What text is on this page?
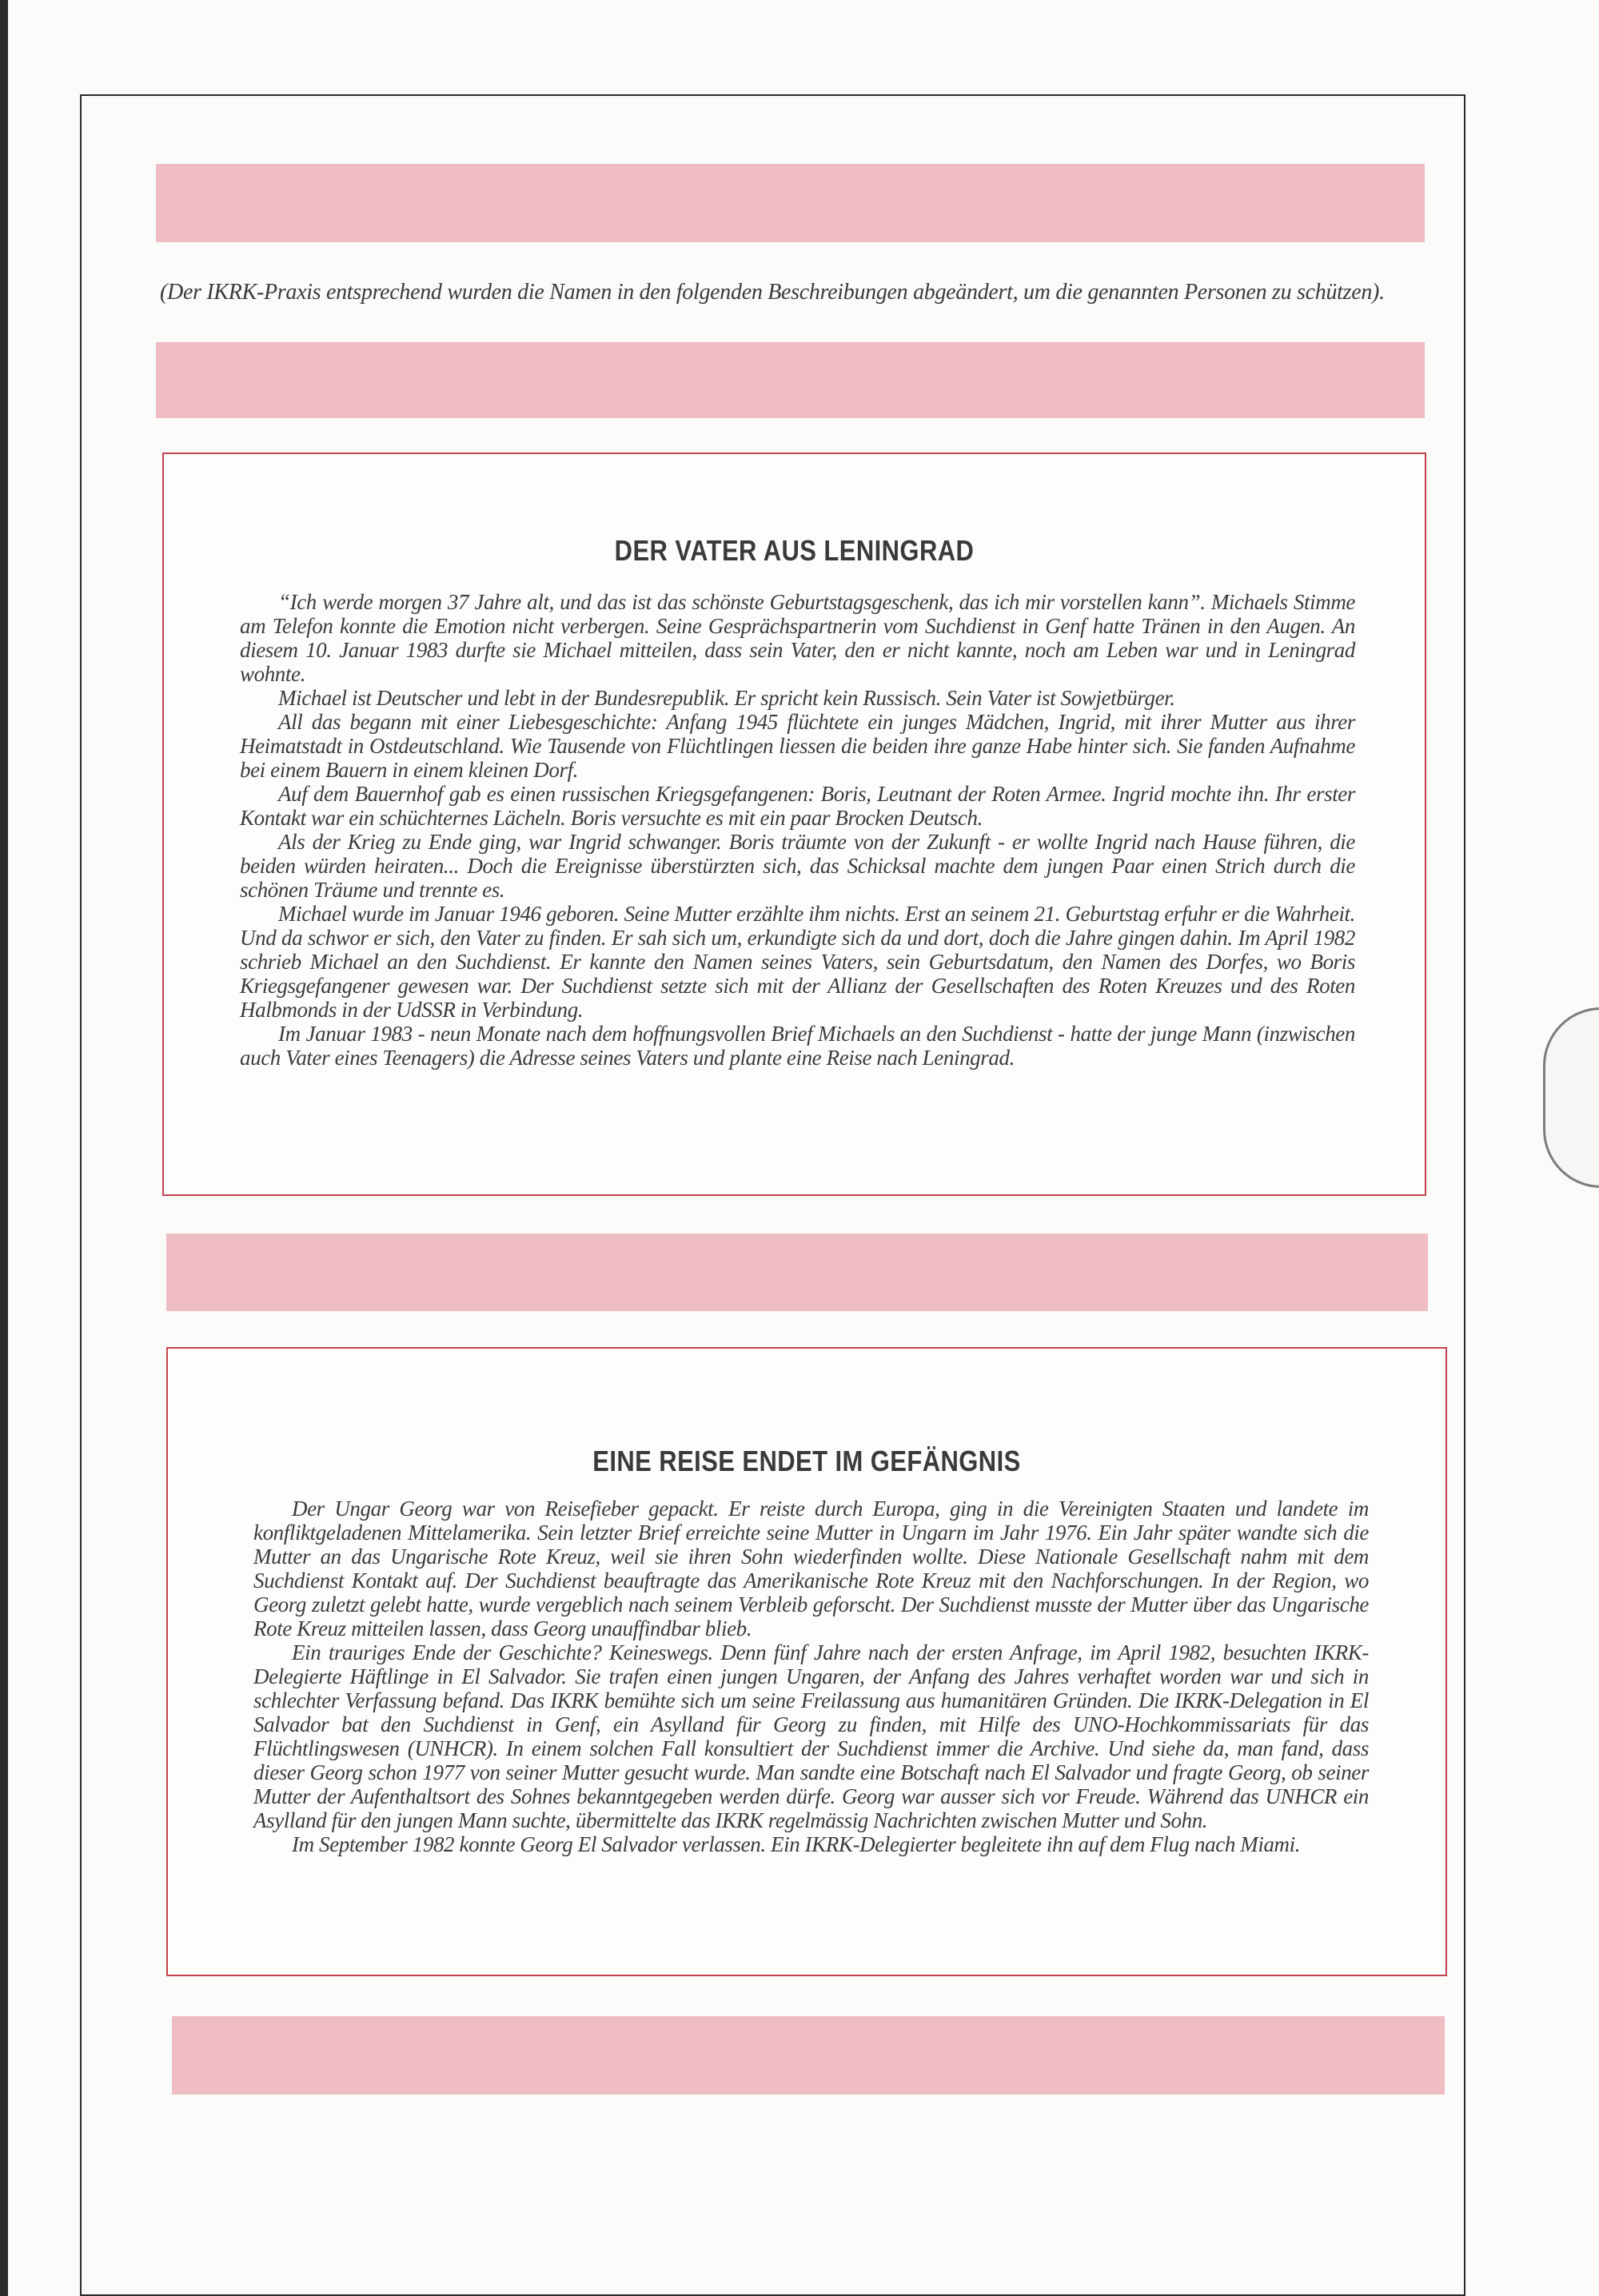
(Der IKRK-Praxis entsprechend wurden die Namen in den folgenden Beschreibungen abgeändert, um die genannten Personen zu schützen).
DER VATER AUS LENINGRAD

“Ich werde morgen 37 Jahre alt, und das ist das schönste Geburtstagsgeschenk, das ich mir vorstellen kann”. Michaels Stimme am Telefon konnte die Emotion nicht verbergen. Seine Gesprächspartnerin vom Suchdienst in Genf hatte Tränen in den Augen. An diesem 10. Januar 1983 durfte sie Michael mitteilen, dass sein Vater, den er nicht kannte, noch am Leben war und in Leningrad wohnte.

Michael ist Deutscher und lebt in der Bundesrepublik. Er spricht kein Russisch. Sein Vater ist Sowjetbürger.

All das begann mit einer Liebesgeschichte: Anfang 1945 flüchtete ein junges Mädchen, Ingrid, mit ihrer Mutter aus ihrer Heimatstadt in Ostdeutschland. Wie Tausende von Flüchtlingen liessen die beiden ihre ganze Habe hinter sich. Sie fanden Aufnahme bei einem Bauern in einem kleinen Dorf.

Auf dem Bauernhof gab es einen russischen Kriegsgefangenen: Boris, Leutnant der Roten Armee. Ingrid mochte ihn. Ihr erster Kontakt war ein schüchternes Lächeln. Boris versuchte es mit ein paar Brocken Deutsch.

Als der Krieg zu Ende ging, war Ingrid schwanger. Boris träumte von der Zukunft - er wollte Ingrid nach Hause führen, die beiden würden heiraten... Doch die Ereignisse überstürzten sich, das Schicksal machte dem jungen Paar einen Strich durch die schönen Träume und trennte es.

Michael wurde im Januar 1946 geboren. Seine Mutter erzählte ihm nichts. Erst an seinem 21. Geburtstag erfuhr er die Wahrheit. Und da schwor er sich, den Vater zu finden. Er sah sich um, erkundigte sich da und dort, doch die Jahre gingen dahin. Im April 1982 schrieb Michael an den Suchdienst. Er kannte den Namen seines Vaters, sein Geburtsdatum, den Namen des Dorfes, wo Boris Kriegsgefangener gewesen war. Der Suchdienst setzte sich mit der Allianz der Gesellschaften des Roten Kreuzes und des Roten Halbmonds in der UdSSR in Verbindung.

Im Januar 1983 - neun Monate nach dem hoffnungsvollen Brief Michaels an den Suchdienst - hatte der junge Mann (inzwischen auch Vater eines Teenagers) die Adresse seines Vaters und plante eine Reise nach Leningrad.

EINE REISE ENDET IM GEFÄNGNIS

Der Ungar Georg war von Reisefieber gepackt. Er reiste durch Europa, ging in die Vereinigten Staaten und landete im konfliktgeladenen Mittelamerika. Sein letzter Brief erreichte seine Mutter in Ungarn im Jahr 1976. Ein Jahr später wandte sich die Mutter an das Ungarische Rote Kreuz, weil sie ihren Sohn wiederfinden wollte. Diese Nationale Gesellschaft nahm mit dem Suchdienst Kontakt auf. Der Suchdienst beauftragte das Amerikanische Rote Kreuz mit den Nachforschungen. In der Region, wo Georg zuletzt gelebt hatte, wurde vergeblich nach seinem Verbleib geforscht. Der Suchdienst musste der Mutter über das Ungarische Rote Kreuz mitteilen lassen, dass Georg unauffindbar blieb.

Ein trauriges Ende der Geschichte? Keineswegs. Denn fünf Jahre nach der ersten Anfrage, im April 1982, besuchten IKRK-Delegierte Häftlinge in El Salvador. Sie trafen einen jungen Ungaren, der Anfang des Jahres verhaftet worden war und sich in schlechter Verfassung befand. Das IKRK bemühte sich um seine Freilassung aus humanitären Gründen. Die IKRK-Delegation in El Salvador bat den Suchdienst in Genf, ein Asylland für Georg zu finden, mit Hilfe des UNO-Hochkommissariats für das Flüchtlingswesen (UNHCR). In einem solchen Fall konsultiert der Suchdienst immer die Archive. Und siehe da, man fand, dass dieser Georg schon 1977 von seiner Mutter gesucht wurde. Man sandte eine Botschaft nach El Salvador und fragte Georg, ob seiner Mutter der Aufenthaltsort des Sohnes bekanntgegeben werden dürfe. Georg war ausser sich vor Freude. Während das UNHCR ein Asylland für den jungen Mann suchte, übermittelte das IKRK regelmässig Nachrichten zwischen Mutter und Sohn.

Im September 1982 konnte Georg El Salvador verlassen. Ein IKRK-Delegierter begleitete ihn auf dem Flug nach Miami.
